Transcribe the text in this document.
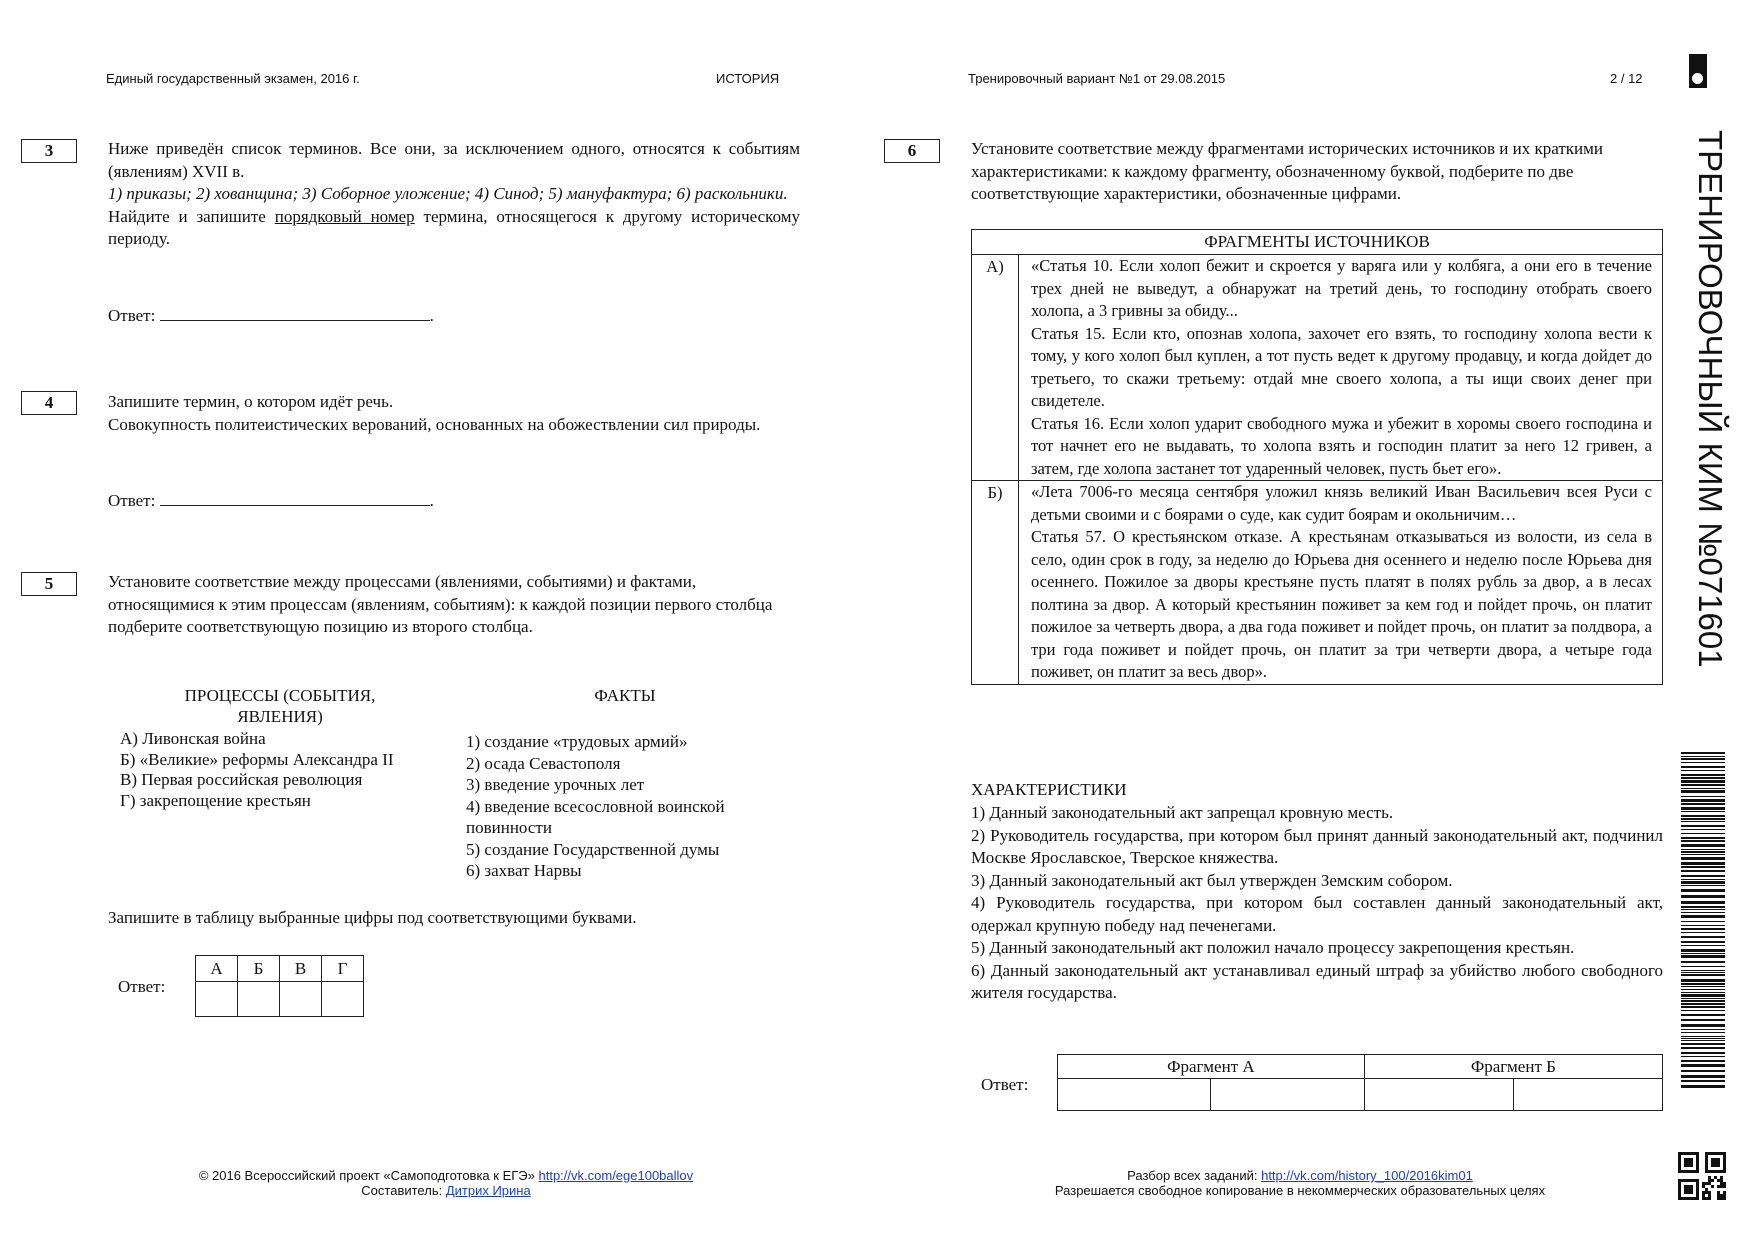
Единый государственный экзамен, 2016 г.	ИСТОРИЯ	Тренировочный вариант №1 от 29.08.2015	2 / 12
ТРЕНИРОВОЧНЫЙ КИМ №071601
3	Ниже приведён список терминов. Все они, за исключением одного, относятся к событиям (явлениям) XVII в.

1) приказы; 2) хованщина; 3) Соборное уложение; 4) Синод; 5) мануфактура; 6) раскольники.

Найдите и запишите порядковый номер термина, относящегося к другому историческому периоду.

Ответ:	.
4	Запишите термин, о котором идёт речь.

Совокупность политеистических верований, основанных на обожествлении сил природы.

Ответ:	.
5	Установите соответствие между процессами (явлениями, событиями) и фактами, относящимися к этим процессам (явлениям, событиям): к каждой позиции первого столбца подберите соответствующую позицию из второго столбца.
ПРОЦЕССЫ (СОБЫТИЯ, ЯВЛЕНИЯ)
ФАКТЫ
А) Ливонская война
Б) «Великие» реформы Александра II
В) Первая российская революция
Г) закрепощение крестьян
1) создание «трудовых армий»
2) осада Севастополя
3) введение урочных лет
4) введение всесословной воинской повинности
5) создание Государственной думы
6) захват Нарвы
Запишите в таблицу выбранные цифры под соответствующими буквами.
Ответ:
А	Б	В	Г

6	Установите соответствие между фрагментами исторических источников и их краткими характеристиками: к каждому фрагменту, обозначенному буквой, подберите по две соответствующие характеристики, обозначенные цифрами.
ФРАГМЕНТЫ ИСТОЧНИКОВ	
А)	«Статья 10. Если холоп бежит и скроется у варяга или у колбяга, а они его в течение трех дней не выведут, а обнаружат на третий день, то господину отобрать своего холопа, а 3 гривны за обиду...

Статья 15. Если кто, опознав холопа, захочет его взять, то господину холопа вести к тому, у кого холоп был куплен, а тот пусть ведет к другому продавцу, и когда дойдет до третьего, то скажи третьему: отдай мне своего холопа, а ты ищи своих денег при свидетеле.

Статья 16. Если холоп ударит свободного мужа и убежит в хоромы своего господина и тот начнет его не выдавать, то холопа взять и господин платит за него 12 гривен, а затем, где холопа застанет тот ударенный человек, пусть бьет его».

Б)	«Лета 7006-го месяца сентября уложил князь великий Иван Васильевич всея Руси с детьми своими и с боярами о суде, как судит боярам и окольничим…

Статья 57. О крестьянском отказе. А крестьянам отказываться из волости, из села в село, один срок в году, за неделю до Юрьева дня осеннего и неделю после Юрьева дня осеннего. Пожилое за дворы крестьяне пусть платят в полях рубль за двор, а в лесах полтина за двор. А который крестьянин поживет за кем год и пойдет прочь, он платит пожилое за четверть двора, а два года поживет и пойдет прочь, он платит за полдвора, а три года поживет и пойдет прочь, он платит за три четверти двора, а четыре года поживет, он платит за весь двор».

ХАРАКТЕРИСТИКИ

1) Данный законодательный акт запрещал кровную месть.

2) Руководитель государства, при котором был принят данный законодательный акт, подчинил Москве Ярославское, Тверское княжества.

3) Данный законодательный акт был утвержден Земским собором.

4) Руководитель государства, при котором был составлен данный законодательный акт, одержал крупную победу над печенегами.

5) Данный законодательный акт положил начало процессу закрепощения крестьян.

6) Данный законодательный акт устанавливал единый штраф за убийство любого свободного жителя государства.

Ответ:
Фрагмент А		Фрагмент Б	

© 2016 Всероссийский проект «Самоподготовка к ЕГЭ» http://vk.com/ege100ballov
Составитель: Дитрих Ирина
Разбор всех заданий: http://vk.com/history_100/2016kim01
Разрешается свободное копирование в некоммерческих образовательных целях
